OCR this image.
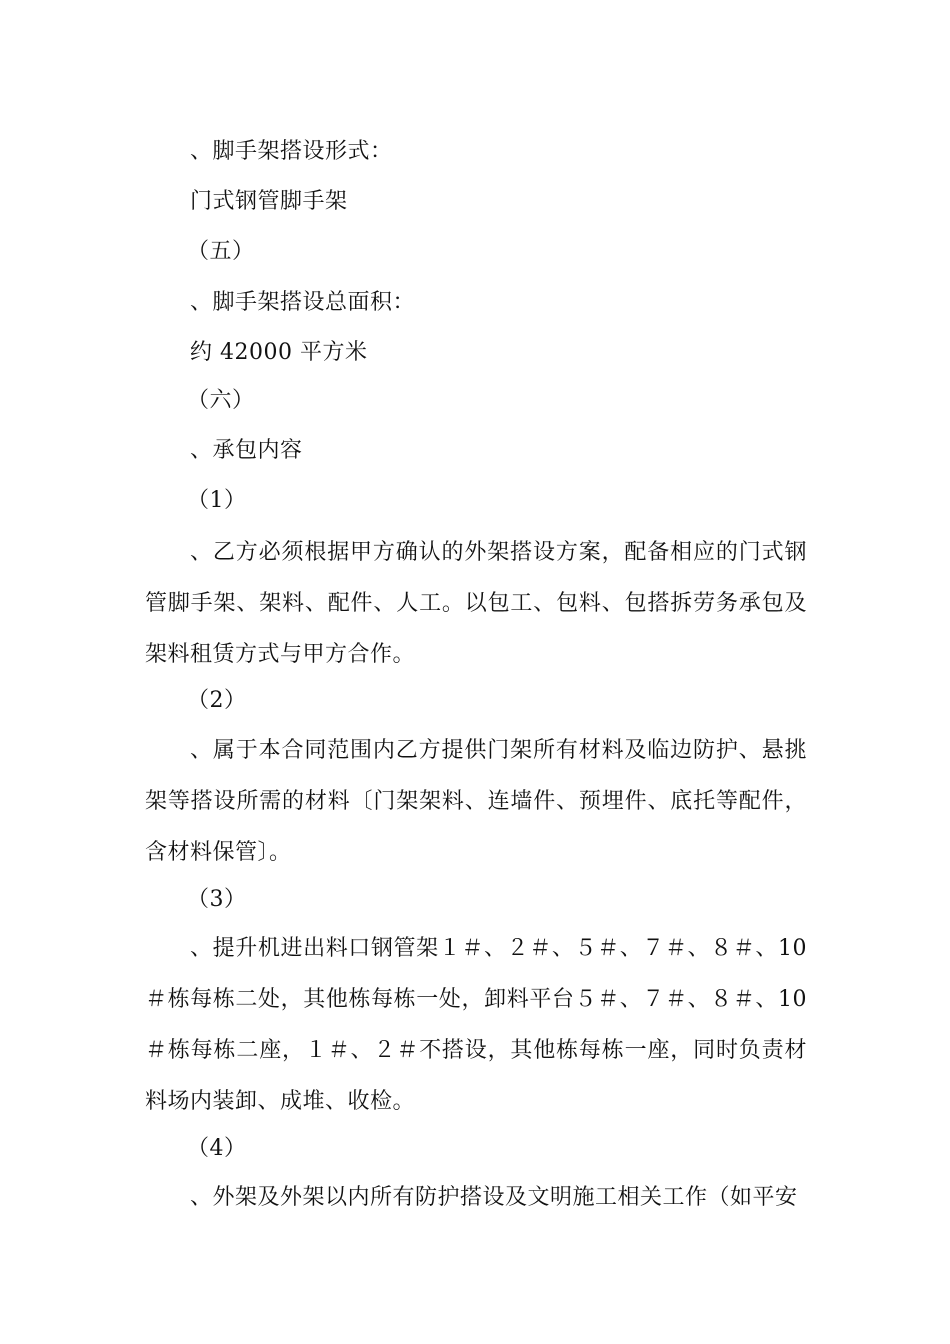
、脚手架搭设形式：
门式钢管脚手架
（五）
、脚手架搭设总面积：
约 42000 平方米
（六）
、承包内容
（1）
、乙方必须根据甲方确认的外架搭设方案，配备相应的门式钢管脚手架、架料、配件、人工。以包工、包料、包搭拆劳务承包及架料租赁方式与甲方合作。
（2）
、属于本合同范围内乙方提供门架所有材料及临边防护、悬挑架等搭设所需的材料〔门架架料、连墙件、预埋件、底托等配件，含材料保管〕。
（3）
、提升机进出料口钢管架１＃、２＃、５＃、７＃、８＃、10＃栋每栋二处，其他栋每栋一处，卸料平台５＃、７＃、８＃、10＃栋每栋二座，１＃、２＃不搭设，其他栋每栋一座，同时负责材料场内装卸、成堆、收检。
（4）
、外架及外架以内所有防护搭设及文明施工相关工作（如平安
